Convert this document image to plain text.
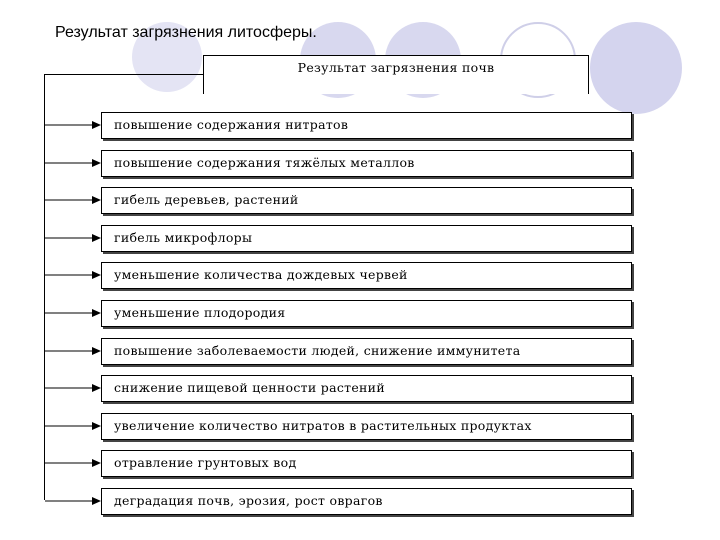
Результат загрязнения литосферы.
Результат загрязнения почв
повышение содержания нитратов
повышение содержания тяжёлых металлов
гибель деревьев, растений
гибель микрофлоры
уменьшение количества дождевых червей
уменьшение плодородия
повышение заболеваемости людей, снижение иммунитета
снижение пищевой ценности растений
увеличение количество нитратов в растительных продуктах
отравление грунтовых вод
деградация почв, эрозия, рост оврагов
